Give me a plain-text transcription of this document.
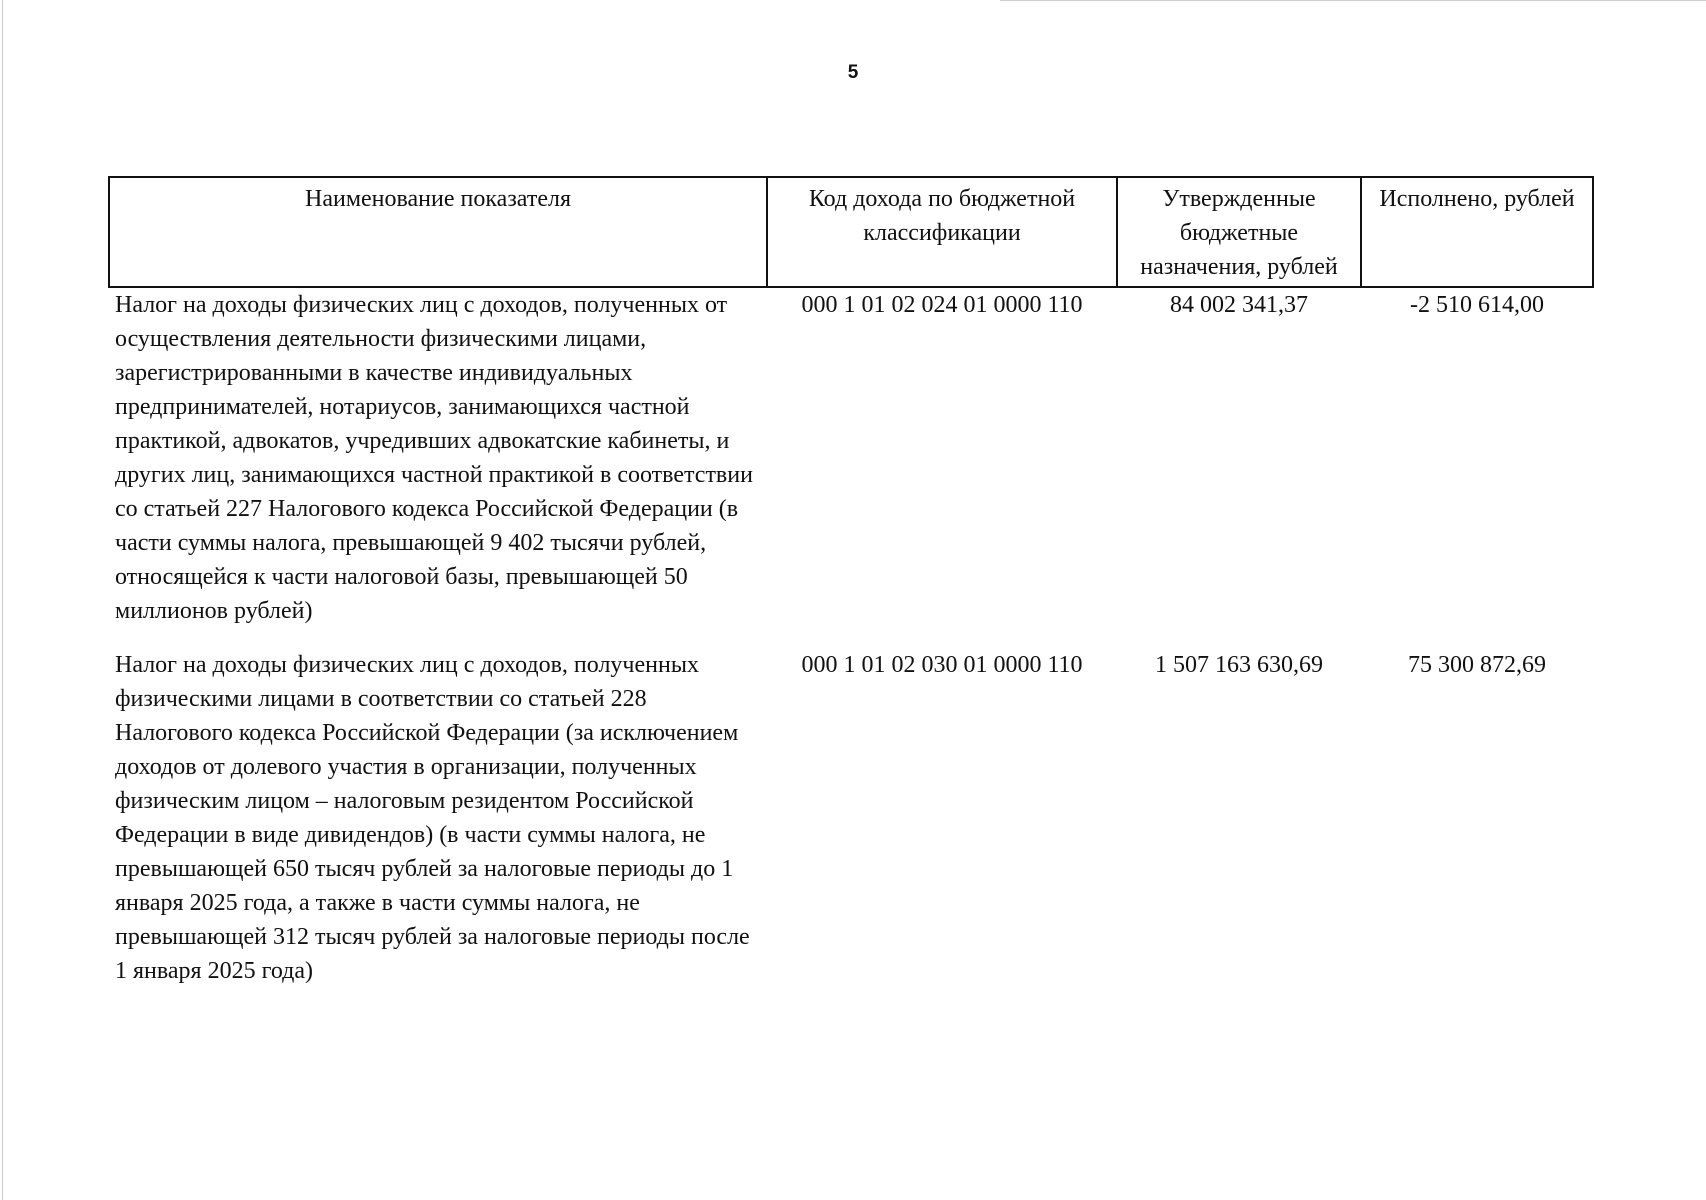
5
Наименование показателя	Код дохода по бюджетной классификации	Утвержденные бюджетные назначения, рублей	Исполнено, рублей
Налог на доходы физических лиц с доходов, полученных от осуществления деятельности физическими лицами, зарегистрированными в качестве индивидуальных предпринимателей, нотариусов, занимающихся частной практикой, адвокатов, учредивших адвокатские кабинеты, и других лиц, занимающихся частной практикой в соответствии со статьей 227 Налогового кодекса Российской Федерации (в части суммы налога, превышающей 9 402 тысячи рублей, относящейся к части налоговой базы, превышающей 50 миллионов рублей)	000 1 01 02 024 01 0000 110	84 002 341,37	-2 510 614,00
Налог на доходы физических лиц с доходов, полученных физическими лицами в соответствии со статьей 228 Налогового кодекса Российской Федерации (за исключением доходов от долевого участия в организации, полученных физическим лицом – налоговым резидентом Российской Федерации в виде дивидендов) (в части суммы налога, не превышающей 650 тысяч рублей за налоговые периоды до 1 января 2025 года, а также в части суммы налога, не превышающей 312 тысяч рублей за налоговые периоды после 1 января 2025 года)	000 1 01 02 030 01 0000 110	1 507 163 630,69	75 300 872,69
